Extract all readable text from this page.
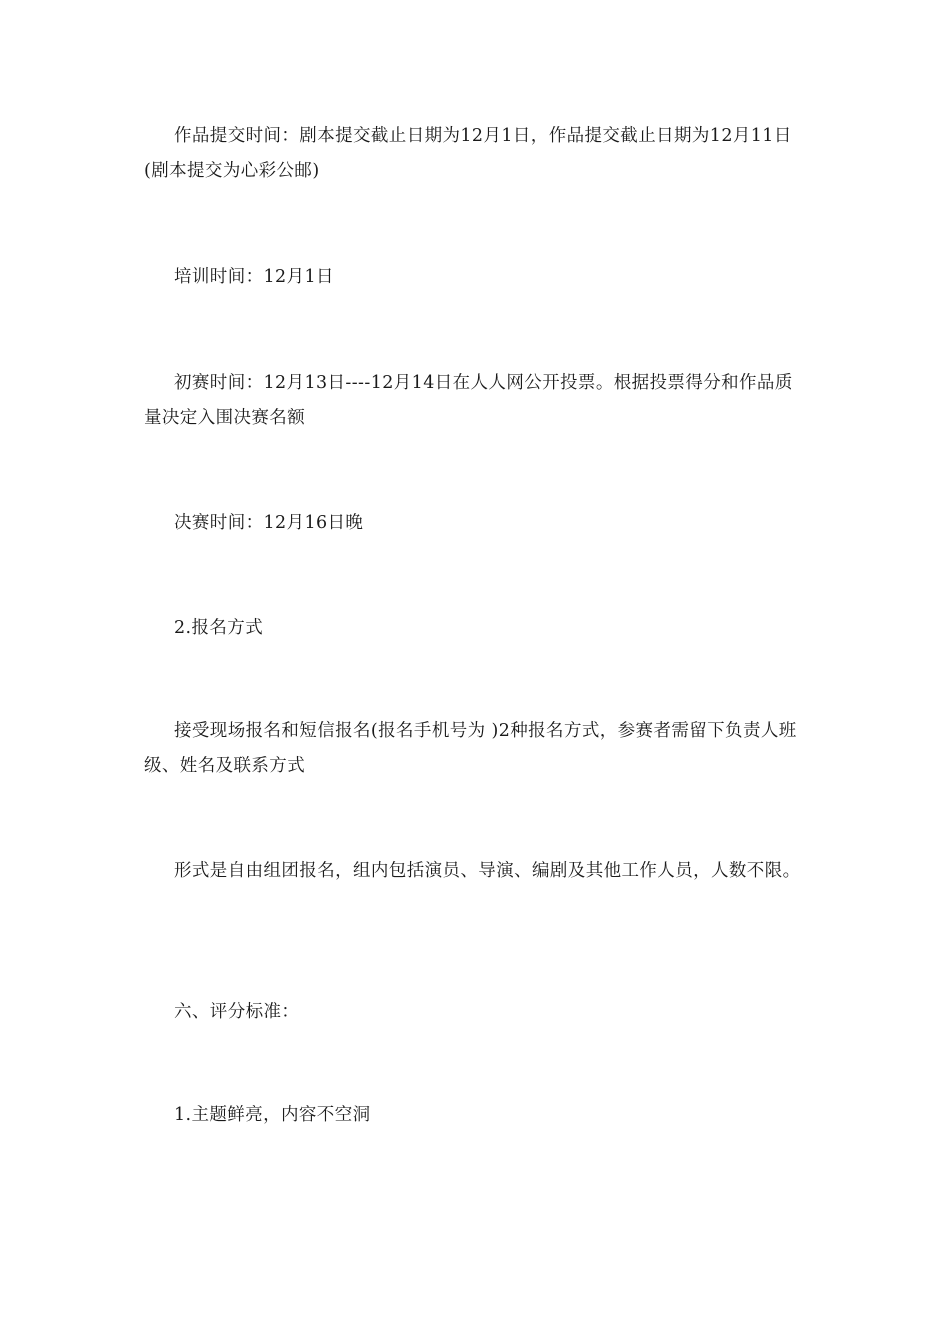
作品提交时间：剧本提交截止日期为12月1日，作品提交截止日期为12月11日(剧本提交为心彩公邮)

培训时间：12月1日

初赛时间：12月13日----12月14日在人人网公开投票。根据投票得分和作品质量决定入围决赛名额

决赛时间：12月16日晚

2.报名方式

接受现场报名和短信报名(报名手机号为 )2种报名方式，参赛者需留下负责人班级、姓名及联系方式

形式是自由组团报名，组内包括演员、导演、编剧及其他工作人员，人数不限。

六、评分标准：

1.主题鲜亮，内容不空洞
